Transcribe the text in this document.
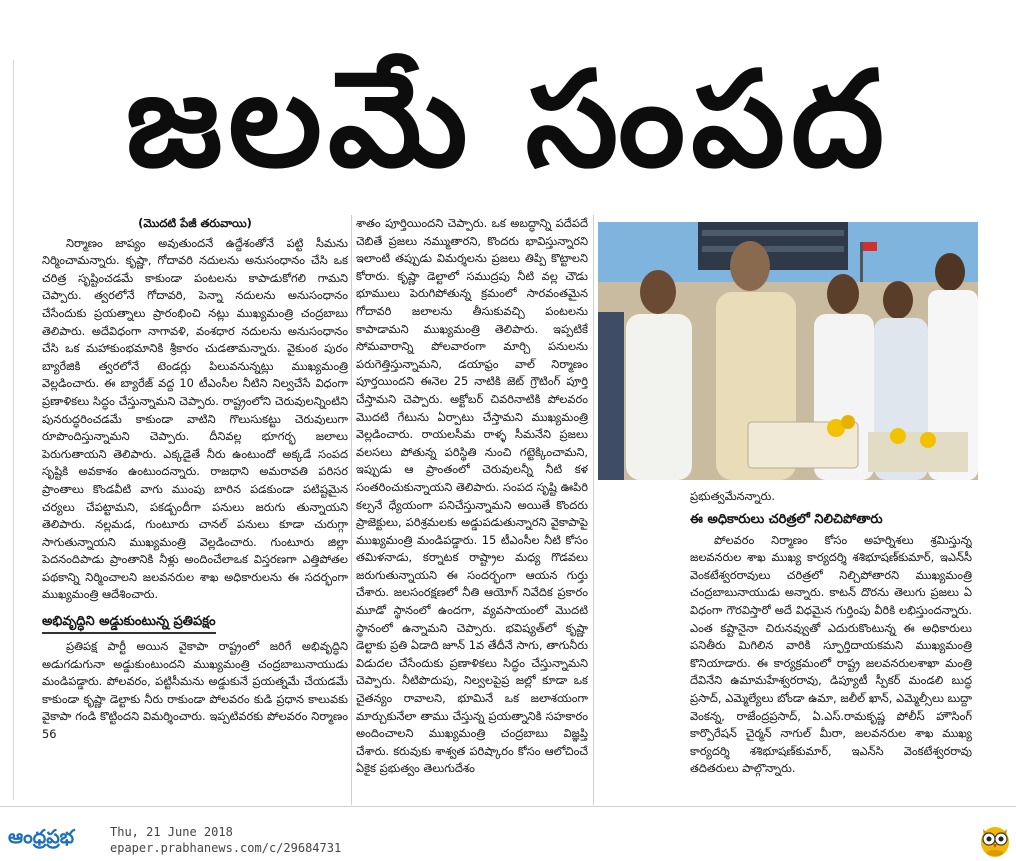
జలమే సంపద
(మొదటి పేజీ తరువాయి)

నిర్మాణం జాప్యం అవుతుందనే ఉద్దేశంతోనే పట్టి సీమను నిర్మించామన్నారు. కృష్ణా, గోదావరి నదులను అనుసంధానం చేసి ఒక చరిత్ర సృష్టించడమే కాకుండా పంటలను కాపాడుకోగలి గామని చెప్పారు. త్వరలోనే గోదావరి, పెన్నా నదులను అనుసంధానం చేసేందుకు ప్రయత్నాలు ప్రారంభించి నట్లు ముఖ్యమంత్రి చంద్రబాబు తెలిపారు. అదేవిధంగా నాగావళి, వంశధార నదులను అనుసంధానం చేసి ఒక మహాకుంభమానికి శ్రీకారం చుడతామన్నారు. వైకుంఠ పురం బ్యారేజికి త్వరలోనే టెండర్లు పిలువనున్నట్లు ముఖ్యమంత్రి వెల్లడించారు. ఈ బ్యారేజ్ వద్ద 10 టీఎంసీల నీటిని నిల్వచేసే విధంగా ప్రణాళికలు సిద్ధం చేస్తున్నామని చెప్పారు. రాష్ట్రంలోని చెరువులన్నింటిని పునరుద్ధరించడమే కాకుండా వాటిని గొలుసుకట్టు చెరువులుగా రూపొందిస్తున్నామని చెప్పారు. దీనివల్ల భూగర్భ జలాలు పెరుగుతాయని తెలిపారు. ఎక్కడైతే నీరు ఉంటుందో అక్కడే సంపద సృష్టికి అవకాశం ఉంటుందన్నారు. రాజధాని అమరావతి పరిసర ప్రాంతాలు కొండవీటి వాగు ముంపు బారిన పడకుండా పటిష్టమైన చర్యలు చేపట్టామని, పకడ్బందీగా పనులు జరుగు తున్నాయని తెలిపారు. నల్లమడ, గుంటూరు చానల్ పనులు కూడా చురుగ్గా సాగుతున్నాయని ముఖ్యమంత్రి వెల్లడించారు. గుంటూరు జిల్లా పెదనందిపాడు ప్రాంతానికి నీళ్లు అందించేలాఒక విస్తరణగా ఎత్తిపోతల పథకాన్ని నిర్మించాలని జలవనరుల శాఖ అధికారులను ఈ సదర్భంగా ముఖ్యమంత్రి ఆదేశించారు.

అభివృద్ధిని అడ్డుకుంటున్న ప్రతిపక్షం

ప్రతిపక్ష పార్టీ అయిన వైకాపా రాష్ట్రంలో జరిగే అభివృద్ధిని అడుగడుగునా అడ్డుకుంటుందని ముఖ్యమంత్రి చంద్రబాబునాయుడు మండిపడ్డారు. పోలవరం, పట్టిసీమను అడ్డుకునే ప్రయత్నమే చేయడమే కాకుండా కృష్ణా డెల్టాకు నీరు రాకుండా పోలవరం కుడి ప్రధాన కాలువకు వైకాపా గండి కొట్టిందని విమర్శించారు. ఇప్పటివరకు పోలవరం నిర్మాణం 56

శాతం పూర్తియిందని చెప్పారు. ఒక అబద్ధాన్ని పదేపదే చెబితే ప్రజలు నమ్ముతారని, కొందరు భావిస్తున్నారని ఇలాంటి తప్పుడు విమర్శలను ప్రజలు తిప్పి కొట్టాలని కోరారు. కృష్ణా డెల్టాలో సముద్రపు నీటి వల్ల చౌడు భూములు పెరుగిపోతున్న క్రమంలో సారవంతమైన గోదావరి జలాలను తీసుకువచ్చి పంటలను కాపాడామని ముఖ్యమంత్రి తెలిపారు. ఇప్పటికే సోమవారాన్ని పోలవారంగా మార్చి పనులను పరుగెత్తిస్తున్నామని, డయాఫ్రం వాల్ నిర్మాణం పూర్తయిందని ఈనెల 25 నాటికి జెట్ గ్రౌటింగ్ పూర్తి చేస్తామని చెప్పారు. అక్టోబర్ చివరినాటికి పోలవరం మొదటి గేటును ఏర్పాటు చేస్తామని ముఖ్యమంత్రి వెల్లడించారు. రాయలసీమ రాళ్ళ సీమనేని ప్రజలు వలసలు పోతున్న పరిస్థితి నుంచి గట్టెక్కించామని, ఇప్పుడు ఆ ప్రాంతంలో చెరువులన్నీ నీటి కళ సంతరించుకున్నాయని తెలిపారు. సంపద సృష్టి ఊపిరి కల్పనే ధ్యేయంగా పనిచేస్తున్నామని అయితే కొందరు ప్రాజెక్టులు, పరిశ్రమలకు అడ్డుపడుతున్నారని వైకాపాపై ముఖ్యమంత్రి మండిపడ్డారు. 15 టీఎంసీల నీటి కోసం తమిళనాడు, కర్నాటక రాష్ట్రాల మధ్య గొడవలు జరుగుతున్నాయని ఈ సందర్భంగా ఆయన గుర్తు చేశారు. జలసంరక్షణలో నీతి ఆయోగ్ నివేదిక ప్రకారం మూడో స్థానంలో ఉందగా, వ్యవసాయంలో మొదటి స్థానంలో ఉన్నామని చెప్పారు. భవిష్యత్‌లో కృష్ణా డెల్టాకు ప్రతి ఏడాది జూన్ 1వ తేదీనే సాగు, తాగునీరు విడుదల చేసేందుకు ప్రణాళికలు సిద్ధం చేస్తున్నామని చెప్పారు. నీటిపొదుపు, నిల్వలపైప్ర జల్లో కూడా ఒక చైతన్యం రావాలని, భూమినే ఒక జలాశయంగా మార్చుకునేలా తాము చేస్తున్న ప్రయత్నానికి సహకారం అందించాలని ముఖ్యమంత్రి చంద్రబాబు విజ్ఞప్తి చేశారు. కరువుకు శాశ్వత పరిష్కారం కోసం ఆలోచించే ఏకైక ప్రభుత్వం తెలుగుదేశం

ప్రభుత్వమేనన్నారు.

ఈ అధికారులు చరిత్రలో నిలిచిపోతారు

పోలవరం నిర్మాణం కోసం అహర్నిశలు శ్రమిస్తున్న జలవనరుల శాఖ ముఖ్య కార్యదర్శి శశిభూషణ్‌కుమార్, ఇఎన్‌సీ వెంకటేశ్వరరావులు చరిత్రలో నిల్చిపోతారని ముఖ్యమంత్రి చంద్రబాబునాయుడు అన్నారు. కాటన్ దొరను తెలుగు ప్రజలు ఏ విధంగా గౌరవిస్తారో అదే విధమైన గుర్తింపు వీరికి లభిస్తుందన్నారు. ఎంత కష్టానైనా చిరునవ్వుతో ఎదురుకొంటున్న ఈ అధికారులు పనితీరు మిగిలిన వారికి స్ఫూర్తిదాయకమని ముఖ్యమంత్రి కొనియాడారు. ఈ కార్యక్రమంలో రాష్ట్ర జలవనరులశాఖా మంత్రి దేవినేని ఉమామహేశ్వరరావు, డిప్యూటీ స్పీకర్ మండలి బుద్ధ ప్రసాద్, ఎమ్మెల్యేలు బోండా ఉమా, జలీల్ ఖాన్, ఎమ్మెల్సీలు బుద్దా వెంకన్న, రాజేంద్రప్రసాద్, ఏ.ఎస్.రామకృష్ణ పోలీస్ హౌసింగ్ కార్పొరేషన్ చైర్మన్ నాగుల్ మీరా, జలవనరుల శాఖ ముఖ్య కార్యదర్శి శశిభూషణ్‌కుమార్, ఇఎన్‌సి వెంకటేశ్వరరావు తదితరులు పాల్గొన్నారు.

ఆంధ్రప్రభ	Thu, 21 June 2018
epaper.prabhanews.com/c/29684731
